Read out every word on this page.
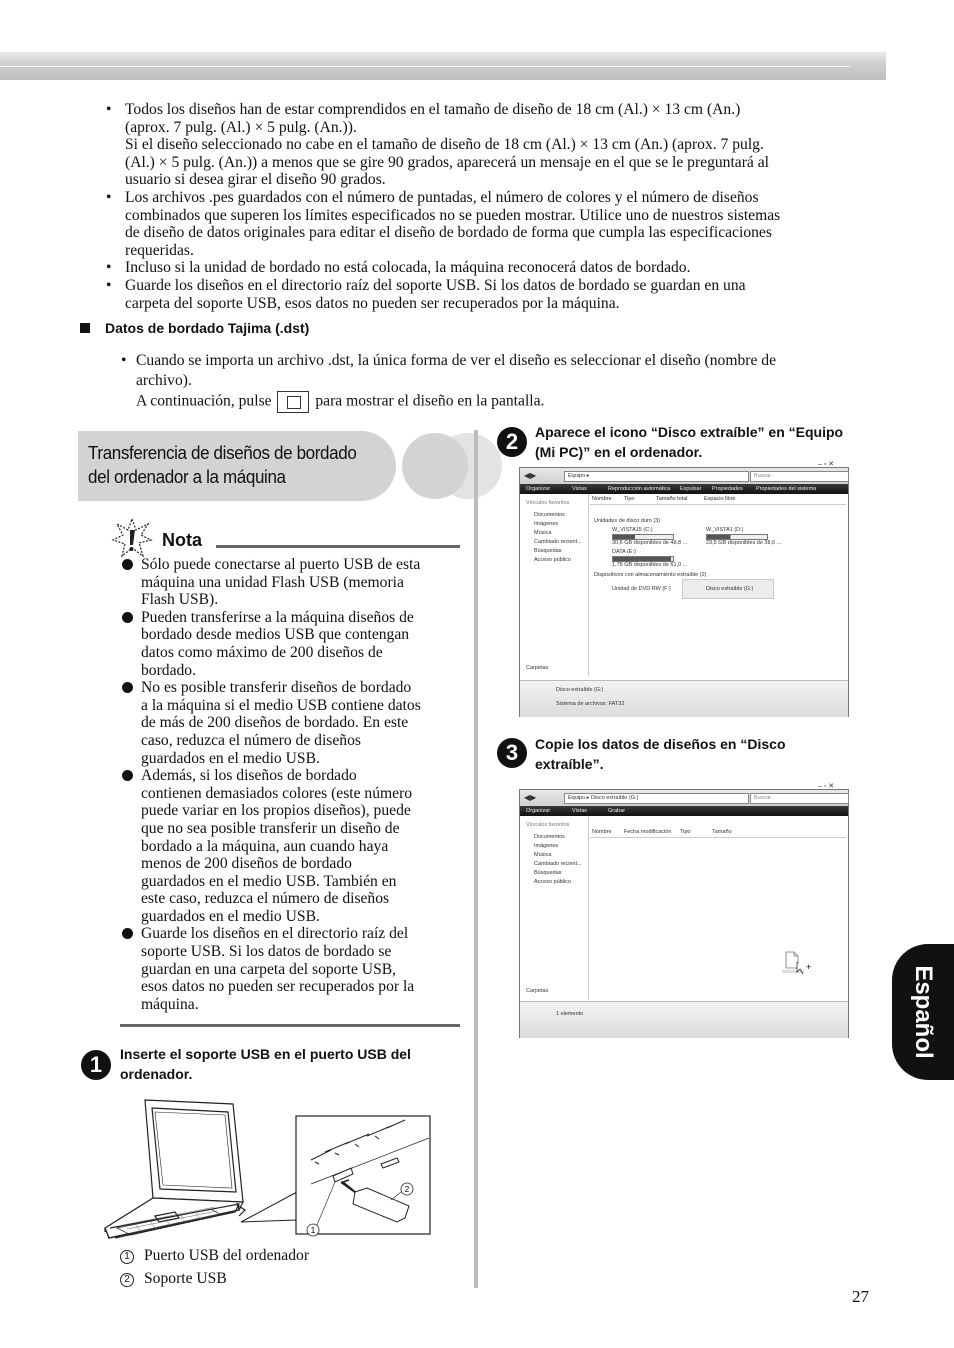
• Todos los diseños han de estar comprendidos en el tamaño de diseño de 18 cm (Al.) × 13 cm (An.)
(aprox. 7 pulg. (Al.) × 5 pulg. (An.)).
Si el diseño seleccionado no cabe en el tamaño de diseño de 18 cm (Al.) × 13 cm (An.) (aprox. 7 pulg.
(Al.) × 5 pulg. (An.)) a menos que se gire 90 grados, aparecerá un mensaje en el que se le preguntará al
usuario si desea girar el diseño 90 grados.
• Los archivos .pes guardados con el número de puntadas, el número de colores y el número de diseños
combinados que superen los límites especificados no se pueden mostrar. Utilice uno de nuestros sistemas
de diseño de datos originales para editar el diseño de bordado de forma que cumpla las especificaciones
requeridas.
• Incluso si la unidad de bordado no está colocada, la máquina reconocerá datos de bordado.
• Guarde los diseños en el directorio raíz del soporte USB. Si los datos de bordado se guardan en una
carpeta del soporte USB, esos datos no pueden ser recuperados por la máquina.
Datos de bordado Tajima (.dst)
• Cuando se importa un archivo .dst, la única forma de ver el diseño es seleccionar el diseño (nombre de
archivo).
A continuación, pulse	para mostrar el diseño en la pantalla.
Transferencia de diseños de bordado
del ordenador a la máquina
Nota
Sólo puede conectarse al puerto USB de esta
máquina una unidad Flash USB (memoria
Flash USB).
Pueden transferirse a la máquina diseños de
bordado desde medios USB que contengan
datos como máximo de 200 diseños de
bordado.
No es posible transferir diseños de bordado
a la máquina si el medio USB contiene datos
de más de 200 diseños de bordado. En este
caso, reduzca el número de diseños
guardados en el medio USB.
Además, si los diseños de bordado
contienen demasiados colores (este número
puede variar en los propios diseños), puede
que no sea posible transferir un diseño de
bordado a la máquina, aun cuando haya
menos de 200 diseños de bordado
guardados en el medio USB. También en
este caso, reduzca el número de diseños
guardados en el medio USB.
Guarde los diseños en el directorio raíz del
soporte USB. Si los datos de bordado se
guardan en una carpeta del soporte USB,
esos datos no pueden ser recuperados por la
máquina.
1	Inserte el soporte USB en el puerto USB del
ordenador.
2
1
1 Puerto USB del ordenador
2 Soporte USB
2	Aparece el icono “Disco extraíble” en “Equipo
(Mi PC)” en el ordenador.
◀▶	Equipo ▸	Buscar
– ▫ ✕
Organizar	Vistas	Reproducción automática Expulsar Propiedades Propiedades del sistema
Vínculos favoritos
Documentos
Imágenes
Música
Cambiado recient...
Búsquedas
Acceso público
Carpetas
Nombre Tipo	Tamaño total	Espacio libre
Unidades de disco duro (3)
W_VISTA15 (C:)
30,6 GB disponibles de 48,8 ...
W_VISTA1 (D:)
23,5 GB disponibles de 38,6 ...
DATA (E:)
1,75 GB disponibles de 61,0 ...
Dispositivos con almacenamiento extraíble (2)
Unidad de DVD RW (F:)	Disco extraíble (G:)
Disco extraíble (G:)
Sistema de archivos: FAT32
3	Copie los datos de diseños en “Disco
extraíble”.
◀▶	Equipo ▸ Disco extraíble (G:)	Buscar
– ▫ ✕
Organizar	Vistas	Grabar
Vínculos favoritos
Documentos
Imágenes
Música
Cambiado recient...
Búsquedas
Acceso público
Carpetas
Nombre Fecha modificación Tipo	Tamaño
+
1 elemento	Español
27
